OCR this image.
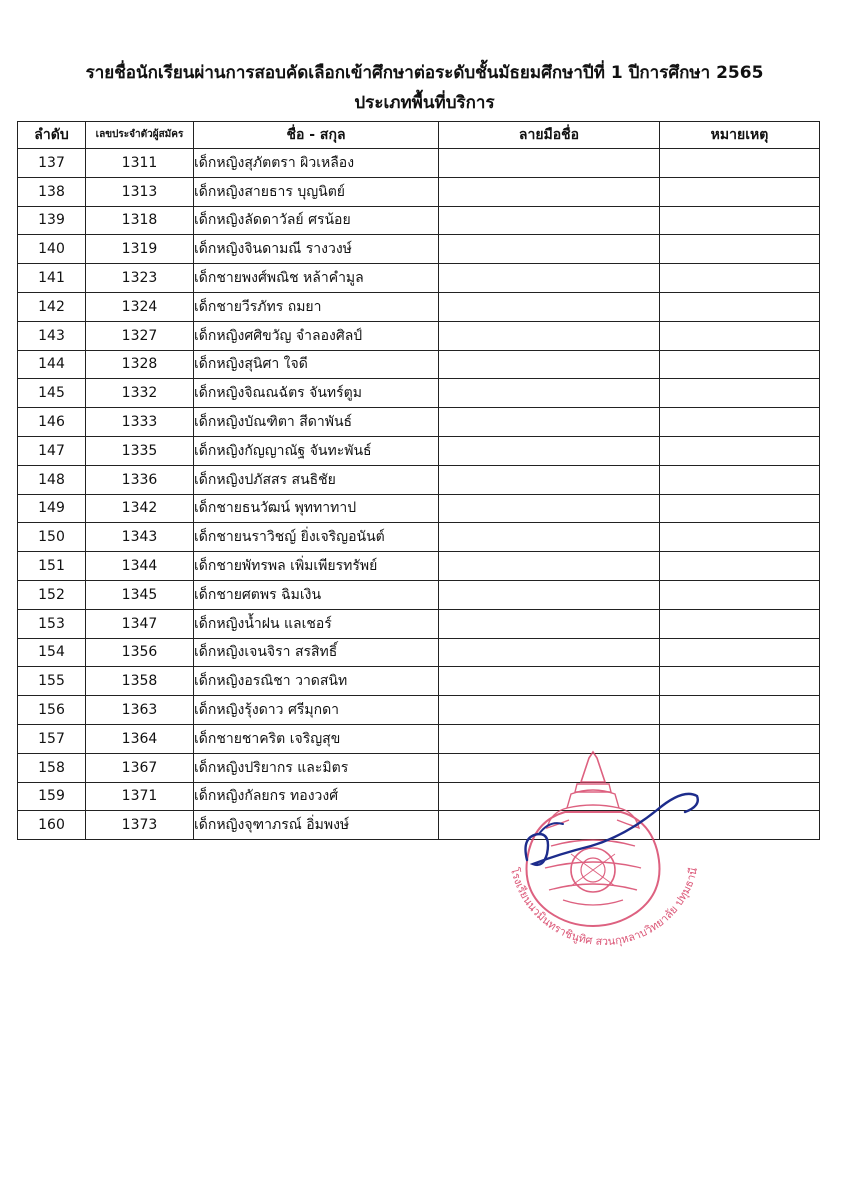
รายชื่อนักเรียนผ่านการสอบคัดเลือกเข้าศึกษาต่อระดับชั้นมัธยมศึกษาปีที่ 1 ปีการศึกษา 2565
ประเภทพื้นที่บริการ
ลำดับ	เลขประจำตัวผู้สมัคร	ชื่อ - สกุล	ลายมือชื่อ	หมายเหตุ
137	1311	เด็กหญิงสุภัตตรา ผิวเหลือง		
138	1313	เด็กหญิงสายธาร บุญนิตย์		
139	1318	เด็กหญิงลัดดาวัลย์ ศรน้อย		
140	1319	เด็กหญิงจินดามณี รางวงษ์		
141	1323	เด็กชายพงศ์พณิช หล้าคำมูล		
142	1324	เด็กชายวีรภัทร ถมยา		
143	1327	เด็กหญิงศศิขวัญ จำลองศิลป์		
144	1328	เด็กหญิงสุนิศา ใจดี		
145	1332	เด็กหญิงจิณณฉัตร จันทร์ตูม		
146	1333	เด็กหญิงบัณฑิตา สีดาพันธ์		
147	1335	เด็กหญิงกัญญาณัฐ จันทะพันธ์		
148	1336	เด็กหญิงปภัสสร สนธิชัย		
149	1342	เด็กชายธนวัฒน์ พุททาทาป		
150	1343	เด็กชายนราวิชญ์ ยิ่งเจริญอนันต์		
151	1344	เด็กชายพัทรพล เพิ่มเพียรทรัพย์		
152	1345	เด็กชายศตพร ฉิมเงิน		
153	1347	เด็กหญิงน้ำฝน แลเชอร์		
154	1356	เด็กหญิงเจนจิรา สรสิทธิ์		
155	1358	เด็กหญิงอรณิชา วาดสนิท		
156	1363	เด็กหญิงรุ้งดาว ศรีมุกดา		
157	1364	เด็กชายชาคริต เจริญสุข		
158	1367	เด็กหญิงปริยากร และมิตร		
159	1371	เด็กหญิงกัลยกร ทองวงศ์		
160	1373	เด็กหญิงจุฑาภรณ์ อิ่มพงษ์		
โรงเรียนนวมินทราชินูทิศ สวนกุหลาบวิทยาลัย ปทุมธานี
